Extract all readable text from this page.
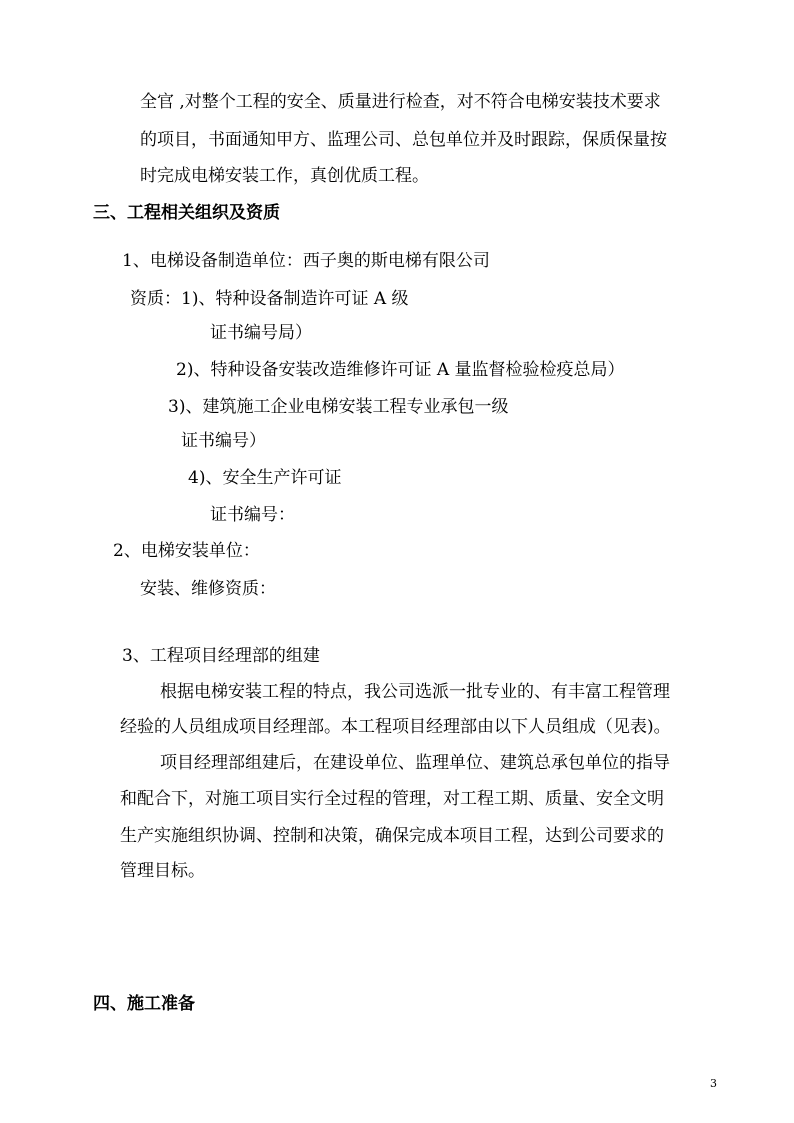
全官 ,对整个工程的安全、质量进行检查，对不符合电梯安装技术要求
的项目，书面通知甲方、监理公司、总包单位并及时跟踪，保质保量按
时完成电梯安装工作，真创优质工程。
三、工程相关组织及资质
1、电梯设备制造单位：西子奥的斯电梯有限公司
资质：1)、特种设备制造许可证 A 级
证书编号局）
2)、特种设备安装改造维修许可证 A 量监督检验检疫总局）
3)、建筑施工企业电梯安装工程专业承包一级
证书编号）
4)、安全生产许可证
证书编号：
2、电梯安装单位：
安装、维修资质：
3、工程项目经理部的组建
根据电梯安装工程的特点，我公司选派一批专业的、有丰富工程管理
经验的人员组成项目经理部。本工程项目经理部由以下人员组成（见表)。
项目经理部组建后，在建设单位、监理单位、建筑总承包单位的指导
和配合下，对施工项目实行全过程的管理，对工程工期、质量、安全文明
生产实施组织协调、控制和决策，确保完成本项目工程，达到公司要求的
管理目标。
四、施工准备
3
